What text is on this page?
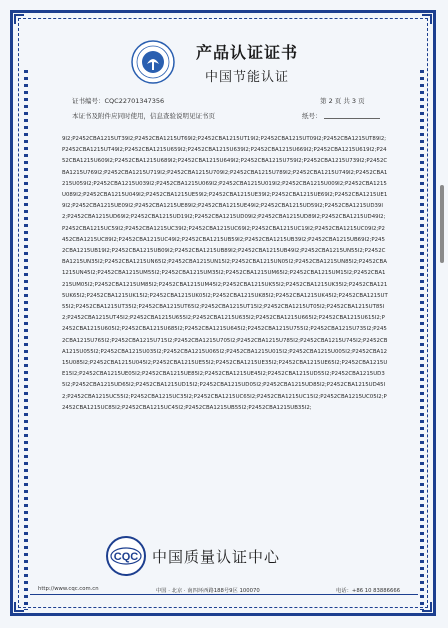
产品认证证书
中国节能认证
证书编号：CQC22701347356	第 2 页 共 3 页
本证书及附件应同时使用，信息查验说明见证书页	纸号：
9I2;P2452CBA1215UT39I2;P2452CBA1215UT69I2;P2452CBA1215UT19I2;P2452CBA1215UT09I2;P2452CBA1215UT89I2;P2452CBA1215UT49I2;P2452CBA1215U659I2;P2452CBA1215U639I2;P2452CBA1215U669I2;P2452CBA1215U619I2;P2452CBA1215U609I2;P2452CBA1215U689I2;P2452CBA1215U649I2;P2452CBA1215U759I2;P2452CBA1215U739I2;P2452CBA1215U769I2;P2452CBA1215U719I2;P2452CBA1215U709I2;P2452CBA1215U789I2;P2452CBA1215U749I2;P2452CBA1215U059I2;P2452CBA1215U039I2;P2452CBA1215U069I2;P2452CBA1215U019I2;P2452CBA1215U009I2;P2452CBA1215U089I2;P2452CBA1215U049I2;P2452CBA1215UE59I2;P2452CBA1215UE39I2;P2452CBA1215UE69I2;P2452CBA1215UE19I2;P2452CBA1215UE09I2;P2452CBA1215UE89I2;P2452CBA1215UE49I2;P2452CBA1215UD59I2;P2452CBA1215UD39I2;P2452CBA1215UD69I2;P2452CBA1215UD19I2;P2452CBA1215UD09I2;P2452CBA1215UD89I2;P2452CBA1215UD49I2;P2452CBA1215UC59I2;P2452CBA1215UC39I2;P2452CBA1215UC69I2;P2452CBA1215UC19I2;P2452CBA1215UC09I2;P2452CBA1215UC89I2;P2452CBA1215UC49I2;P2452CBA1215UB59I2;P2452CBA1215UB39I2;P2452CBA1215UB69I2;P2452CBA1215UB19I2;P2452CBA1215UB09I2;P2452CBA1215UB89I2;P2452CBA1215UB49I2;P2452CBA1215UN55I2;P2452CBA1215UN35I2;P2452CBA1215UN65I2;P2452CBA1215UN15I2;P2452CBA1215UN05I2;P2452CBA1215UN85I2;P2452CBA1215UN45I2;P2452CBA1215UM55I2;P2452CBA1215UM35I2;P2452CBA1215UM65I2;P2452CBA1215UM15I2;P2452CBA1215UM05I2;P2452CBA1215UM85I2;P2452CBA1215UM45I2;P2452CBA1215UK55I2;P2452CBA1215UK35I2;P2452CBA1215UK65I2;P2452CBA1215UK15I2;P2452CBA1215UK05I2;P2452CBA1215UK85I2;P2452CBA1215UK45I2;P2452CBA1215UT55I2;P2452CBA1215UT35I2;P2452CBA1215UT65I2;P2452CBA1215UT15I2;P2452CBA1215UT05I2;P2452CBA1215UT85I2;P2452CBA1215UT45I2;P2452CBA1215U655I2;P2452CBA1215U635I2;P2452CBA1215U665I2;P2452CBA1215U615I2;P2452CBA1215U605I2;P2452CBA1215U685I2;P2452CBA1215U645I2;P2452CBA1215U755I2;P2452CBA1215U735I2;P2452CBA1215U765I2;P2452CBA1215U715I2;P2452CBA1215U705I2;P2452CBA1215U785I2;P2452CBA1215U745I2;P2452CBA1215U055I2;P2452CBA1215U035I2;P2452CBA1215U065I2;P2452CBA1215U015I2;P2452CBA1215U005I2;P2452CBA1215U085I2;P2452CBA1215U045I2;P2452CBA1215UE55I2;P2452CBA1215UE35I2;P2452CBA1215UE65I2;P2452CBA1215UE15I2;P2452CBA1215UE05I2;P2452CBA1215UE85I2;P2452CBA1215UE45I2;P2452CBA1215UD55I2;P2452CBA1215UD35I2;P2452CBA1215UD65I2;P2452CBA1215UD15I2;P2452CBA1215UD05I2;P2452CBA1215UD85I2;P2452CBA1215UD45I2;P2452CBA1215UC55I2;P2452CBA1215UC35I2;P2452CBA1215UC65I2;P2452CBA1215UC15I2;P2452CBA1215UC05I2;P2452CBA1215UC85I2;P2452CBA1215UC45I2;P2452CBA1215UB55I2;P2452CBA1215UB35I2;
CQC 中国质量认证中心
http://www.cqc.com.cn	中国 · 北京 · 南四环西路188号9区 100070	电话：+86 10 83886666
